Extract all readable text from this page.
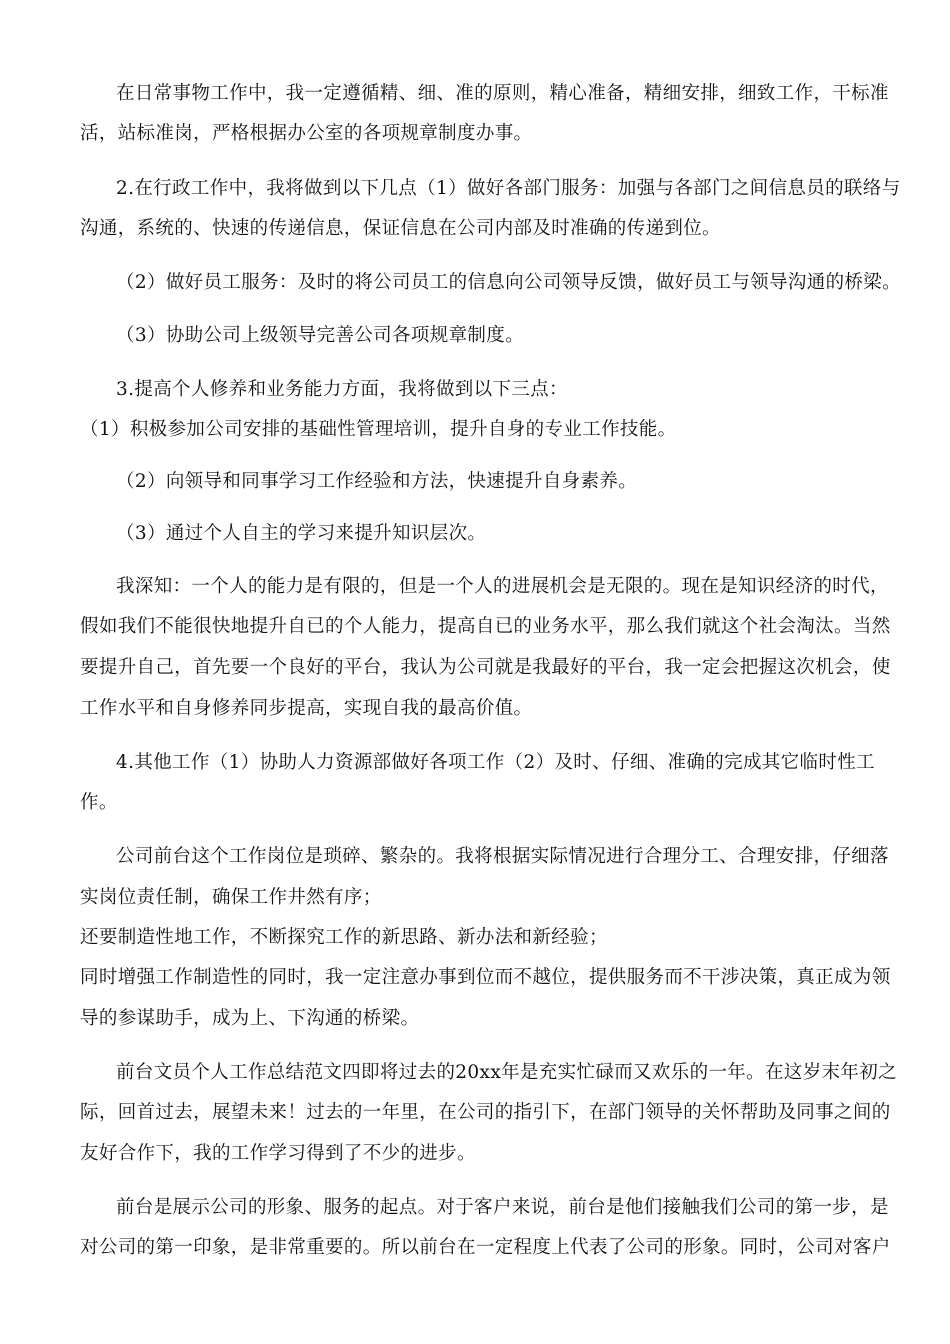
在日常事物工作中，我一定遵循精、细、准的原则，精心准备，精细安排，细致工作，干标准
活，站标准岗，严格根据办公室的各项规章制度办事。
2.在行政工作中，我将做到以下几点（1）做好各部门服务：加强与各部门之间信息员的联络与
沟通，系统的、快速的传递信息，保证信息在公司内部及时准确的传递到位。
（2）做好员工服务：及时的将公司员工的信息向公司领导反馈，做好员工与领导沟通的桥梁。
（3）协助公司上级领导完善公司各项规章制度。
3.提高个人修养和业务能力方面，我将做到以下三点：
（1）积极参加公司安排的基础性管理培训，提升自身的专业工作技能。
（2）向领导和同事学习工作经验和方法，快速提升自身素养。
（3）通过个人自主的学习来提升知识层次。
我深知：一个人的能力是有限的，但是一个人的进展机会是无限的。现在是知识经济的时代，
假如我们不能很快地提升自已的个人能力，提高自已的业务水平，那么我们就这个社会淘汰。当然
要提升自己，首先要一个良好的平台，我认为公司就是我最好的平台，我一定会把握这次机会，使
工作水平和自身修养同步提高，实现自我的最高价值。
4.其他工作（1）协助人力资源部做好各项工作（2）及时、仔细、准确的完成其它临时性工
作。
公司前台这个工作岗位是琐碎、繁杂的。我将根据实际情况进行合理分工、合理安排，仔细落
实岗位责任制，确保工作井然有序；
还要制造性地工作，不断探究工作的新思路、新办法和新经验；
同时增强工作制造性的同时，我一定注意办事到位而不越位，提供服务而不干涉决策，真正成为领
导的参谋助手，成为上、下沟通的桥梁。
前台文员个人工作总结范文四即将过去的20xx年是充实忙碌而又欢乐的一年。在这岁末年初之
际，回首过去，展望未来！过去的一年里，在公司的指引下，在部门领导的关怀帮助及同事之间的
友好合作下，我的工作学习得到了不少的进步。
前台是展示公司的形象、服务的起点。对于客户来说，前台是他们接触我们公司的第一步，是
对公司的第一印象，是非常重要的。所以前台在一定程度上代表了公司的形象。同时，公司对客户
